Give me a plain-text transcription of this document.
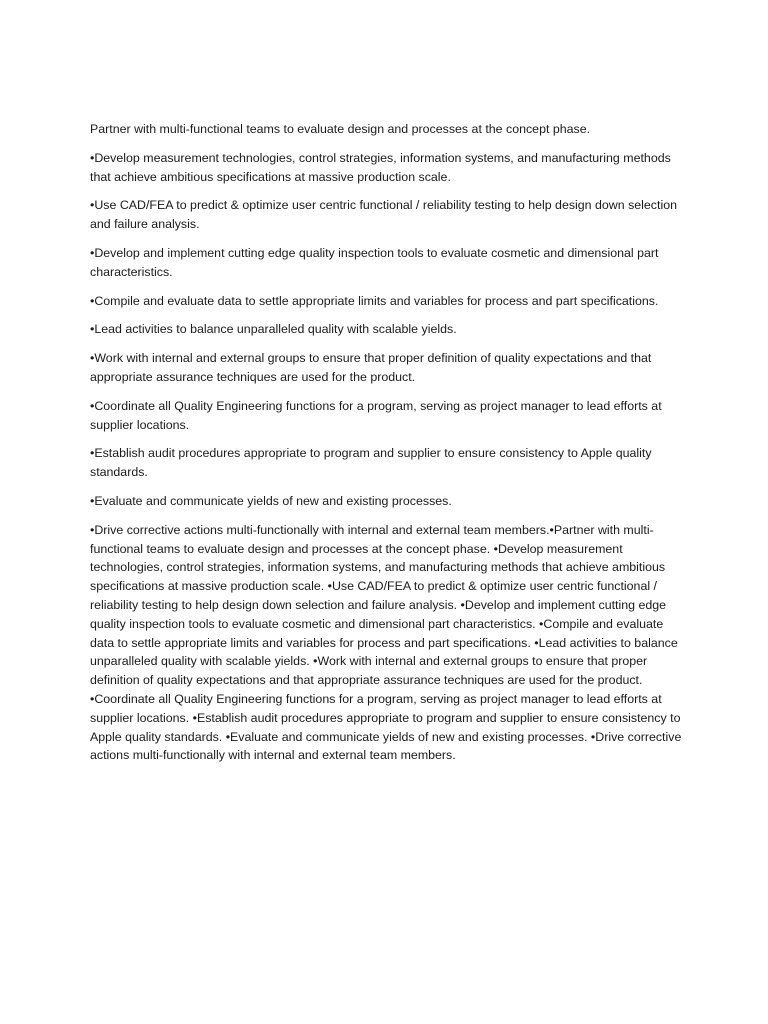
Partner with multi-functional teams to evaluate design and processes at the concept phase.

•Develop measurement technologies, control strategies, information systems, and manufacturing methods that achieve ambitious specifications at massive production scale.

•Use CAD/FEA to predict & optimize user centric functional / reliability testing to help design down selection and failure analysis.

•Develop and implement cutting edge quality inspection tools to evaluate cosmetic and dimensional part characteristics.

•Compile and evaluate data to settle appropriate limits and variables for process and part specifications.

•Lead activities to balance unparalleled quality with scalable yields.

•Work with internal and external groups to ensure that proper definition of quality expectations and that appropriate assurance techniques are used for the product.

•Coordinate all Quality Engineering functions for a program, serving as project manager to lead efforts at supplier locations.

•Establish audit procedures appropriate to program and supplier to ensure consistency to Apple quality standards.

•Evaluate and communicate yields of new and existing processes.

•Drive corrective actions multi-functionally with internal and external team members.•Partner with multi-functional teams to evaluate design and processes at the concept phase. •Develop measurement technologies, control strategies, information systems, and manufacturing methods that achieve ambitious specifications at massive production scale. •Use CAD/FEA to predict & optimize user centric functional / reliability testing to help design down selection and failure analysis. •Develop and implement cutting edge quality inspection tools to evaluate cosmetic and dimensional part characteristics. •Compile and evaluate data to settle appropriate limits and variables for process and part specifications. •Lead activities to balance unparalleled quality with scalable yields. •Work with internal and external groups to ensure that proper definition of quality expectations and that appropriate assurance techniques are used for the product. •Coordinate all Quality Engineering functions for a program, serving as project manager to lead efforts at supplier locations. •Establish audit procedures appropriate to program and supplier to ensure consistency to Apple quality standards. •Evaluate and communicate yields of new and existing processes. •Drive corrective actions multi-functionally with internal and external team members.
